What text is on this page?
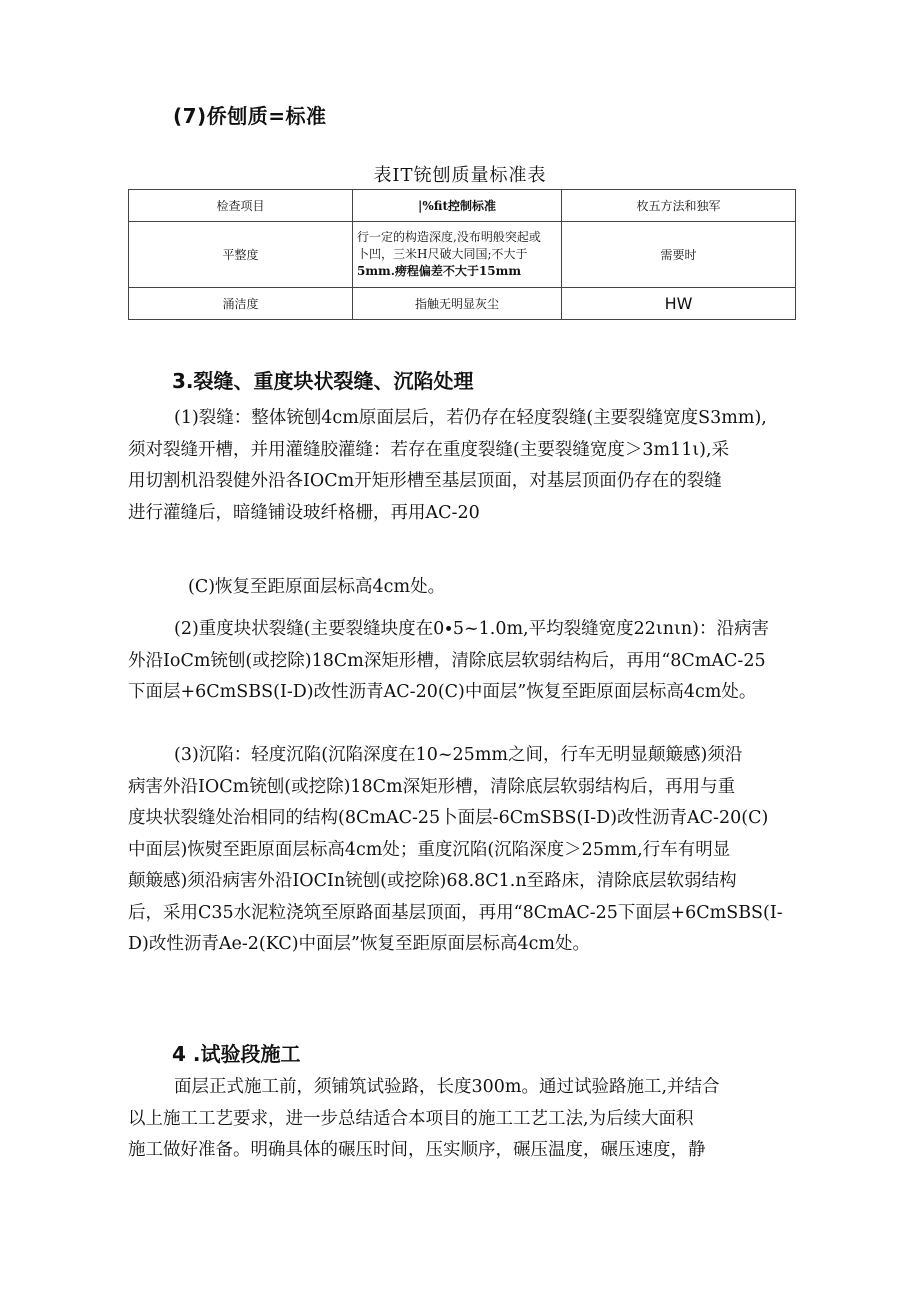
(7)侨刨质=标准
表IT铳刨质量标准表
检查项目	|%fit控制标准	枚五方法和独军
平整度	行一定的构造深度,没布明般突起或
卜凹，三米H尺破大同国;不大于
5mm.痨程偏差不大于15mm	需要时
涌洁度	指触无明显灰尘	HW
3.裂缝、重度块状裂缝、沉陷处理
(1)裂缝：整体铳刨4cm原面层后，若仍存在轻度裂缝(主要裂缝宽度S3mm),
须对裂缝开槽，并用灌缝胶灌缝：若存在重度裂缝(主要裂缝宽度＞3m11ι),采
用切割机沿裂健外沿各IOCm开矩形槽至基层顶面，对基层顶面仍存在的裂缝
进行灌缝后，暗缝铺设玻纤格栅，再用AC-20
(C)恢复至距原面层标高4cm处。
(2)重度块状裂缝(主要裂缝块度在0∙5~1.0m,平均裂缝宽度22ιnιn)：沿病害
外沿IoCm铳刨(或挖除)18Cm深矩形槽，清除底层软弱结构后，再用“8CmAC-25
下面层+6CmSBS(I-D)改性沥青AC-20(C)中面层”恢复至距原面层标高4cm处。
(3)沉陷：轻度沉陷(沉陷深度在10~25mm之间，行车无明显颠簸感)须沿
病害外沿IOCm铳刨(或挖除)18Cm深矩形槽，清除底层软弱结构后，再用与重
度块状裂缝处治相同的结构(8CmAC-25卜面层-6CmSBS(I-D)改性沥青AC-20(C)
中面层)恢熨至距原面层标高4cm处；重度沉陷(沉陷深度＞25mm,行车有明显
颠簸感)须沿病害外沿IOCIn铳刨(或挖除)68.8C1.n至路床，清除底层软弱结构
后，采用C35水泥粒浇筑至原路面基层顶面，再用“8CmAC-25下面层+6CmSBS(I-
D)改性沥青Ae-2(KC)中面层”恢复至距原面层标高4cm处。
4 .试验段施工
面层正式施工前，须铺筑试验路，长度300m。通过试验路施工,并结合
以上施工工艺要求，进一步总结适合本项目的施工工艺工法,为后续大面积
施工做好准备。明确具体的碾压时间，压实顺序，碾压温度，碾压速度，静
